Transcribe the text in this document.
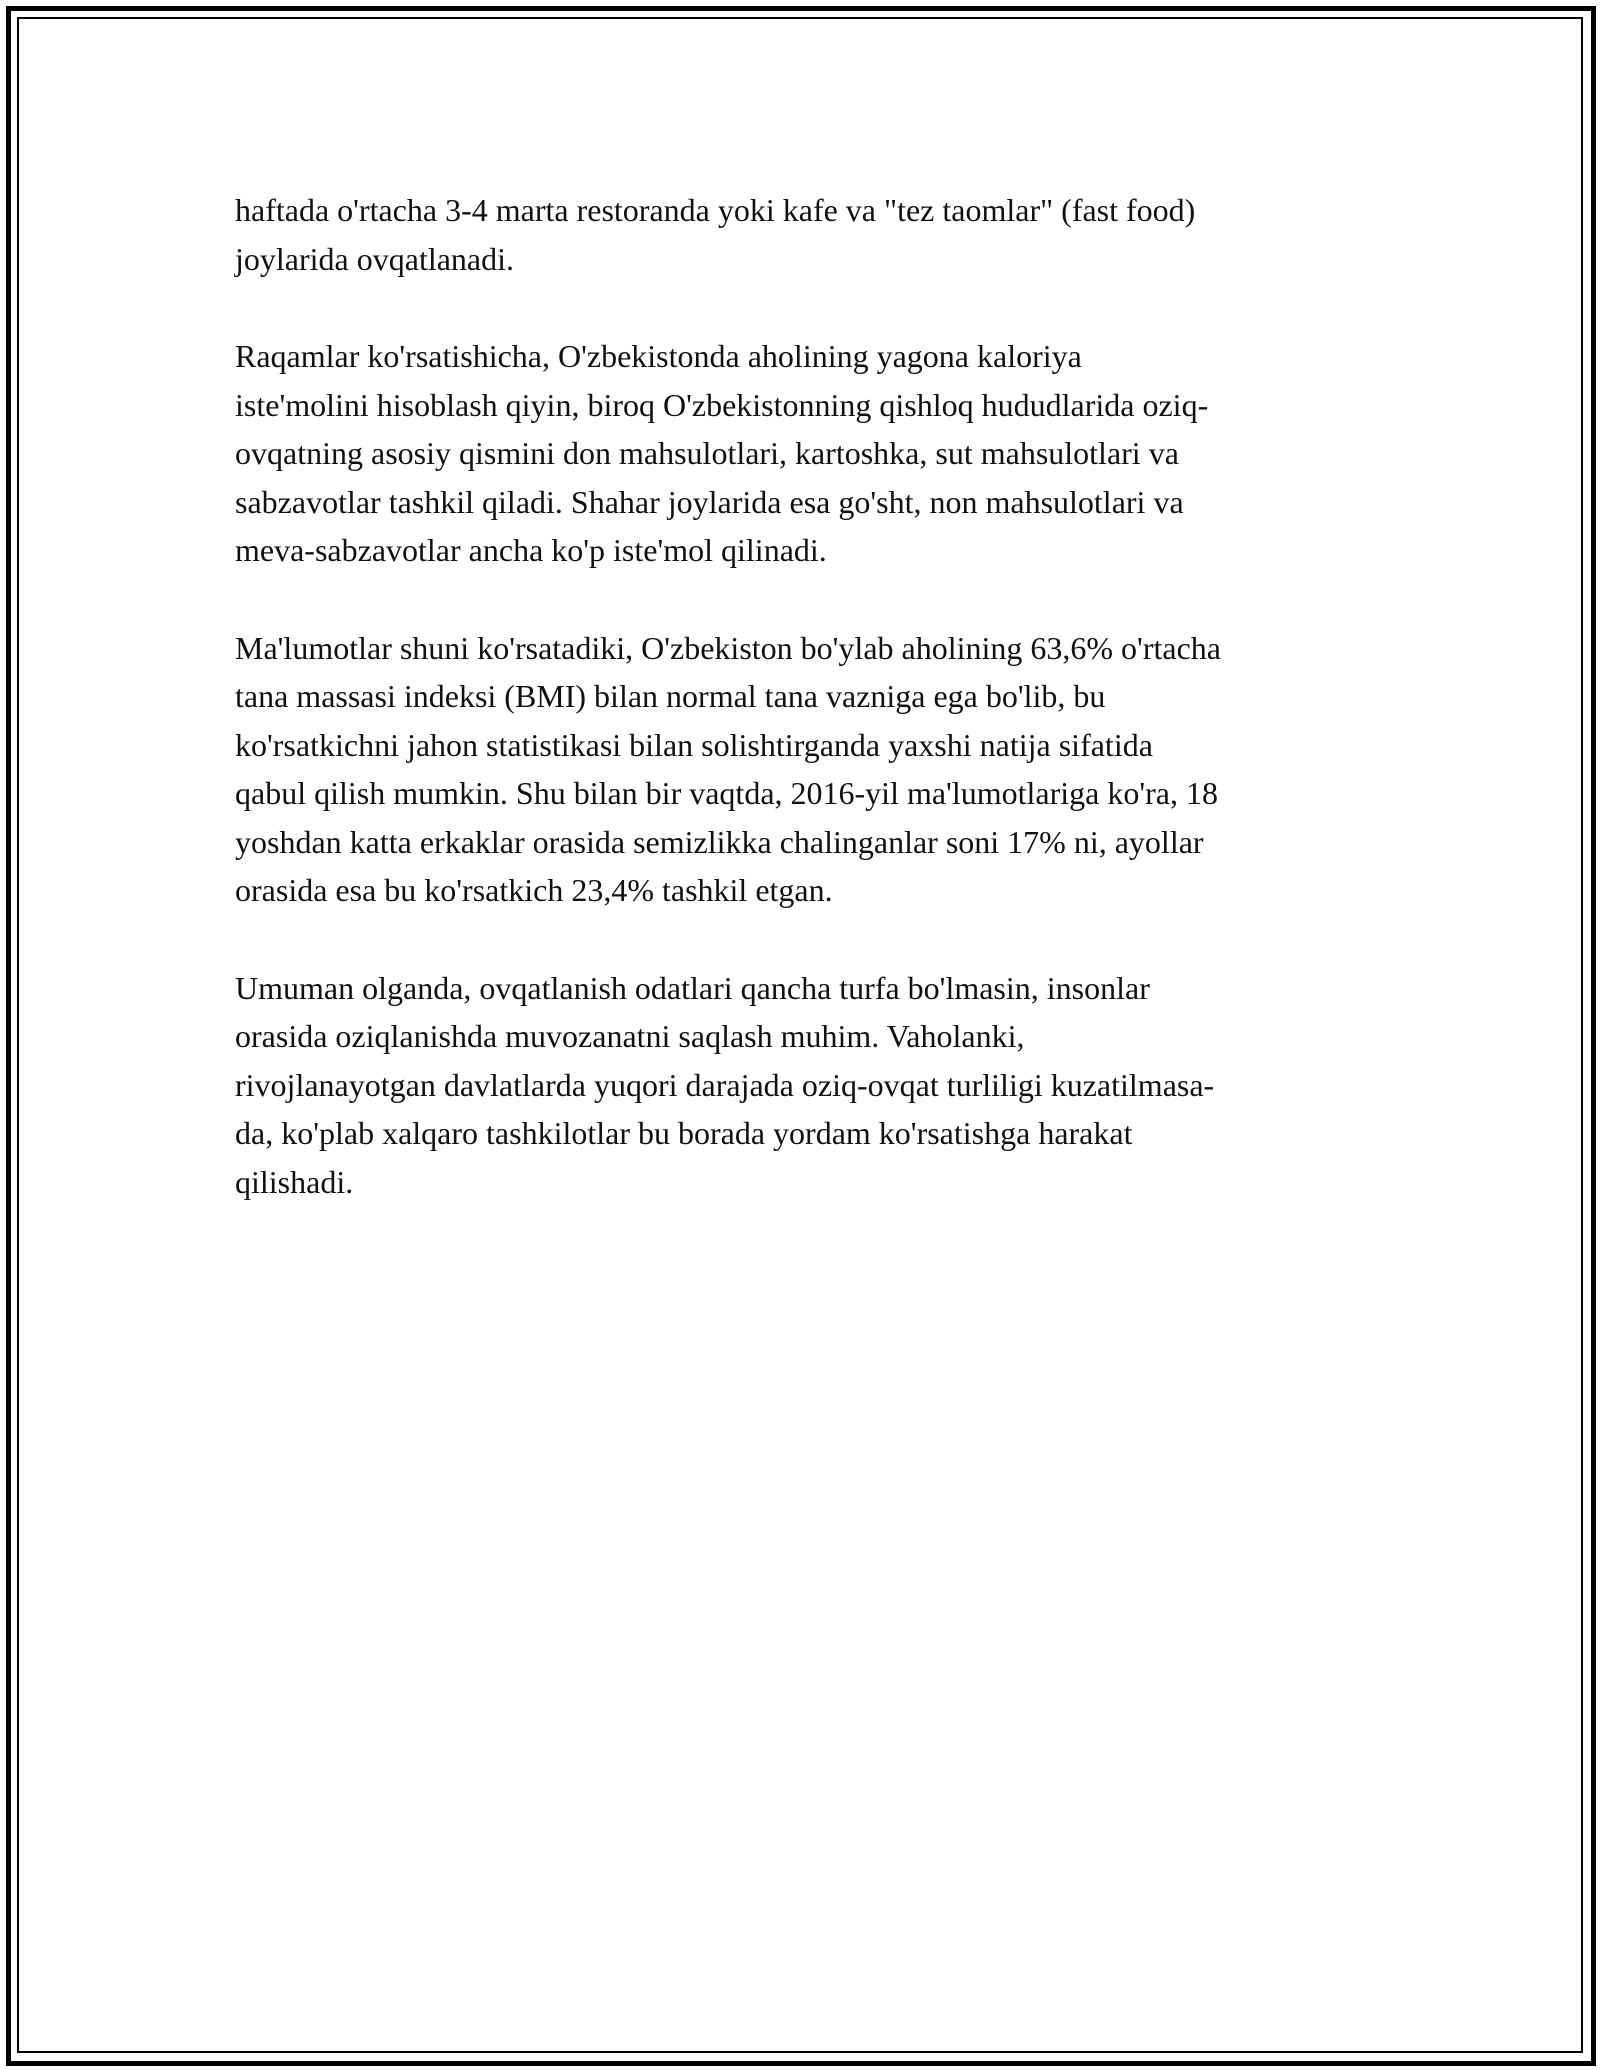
haftada o'rtacha 3-4 marta restoranda yoki kafe va "tez taomlar" (fast food)
joylarida ovqatlanadi.

Raqamlar ko'rsatishicha, O'zbekistonda aholining yagona kaloriya
iste'molini hisoblash qiyin, biroq O'zbekistonning qishloq hududlarida oziq-
ovqatning asosiy qismini don mahsulotlari, kartoshka, sut mahsulotlari va
sabzavotlar tashkil qiladi. Shahar joylarida esa go'sht, non mahsulotlari va
meva-sabzavotlar ancha ko'p iste'mol qilinadi.

Ma'lumotlar shuni ko'rsatadiki, O'zbekiston bo'ylab aholining 63,6% o'rtacha
tana massasi indeksi (BMI) bilan normal tana vazniga ega bo'lib, bu
ko'rsatkichni jahon statistikasi bilan solishtirganda yaxshi natija sifatida
qabul qilish mumkin. Shu bilan bir vaqtda, 2016-yil ma'lumotlariga ko'ra, 18
yoshdan katta erkaklar orasida semizlikka chalinganlar soni 17% ni, ayollar
orasida esa bu ko'rsatkich 23,4% tashkil etgan.

Umuman olganda, ovqatlanish odatlari qancha turfa bo'lmasin, insonlar
orasida oziqlanishda muvozanatni saqlash muhim. Vaholanki,
rivojlanayotgan davlatlarda yuqori darajada oziq-ovqat turliligi kuzatilmasa-
da, ko'plab xalqaro tashkilotlar bu borada yordam ko'rsatishga harakat
qilishadi.
